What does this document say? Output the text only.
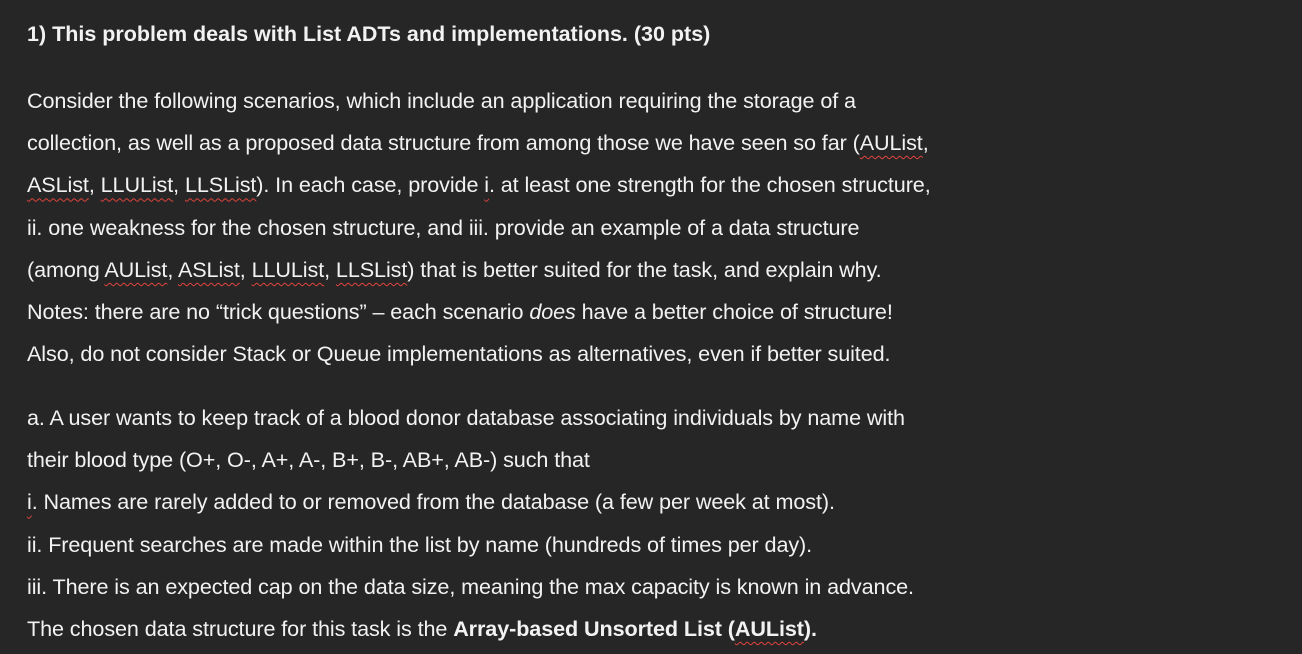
1) This problem deals with List ADTs and implementations. (30 pts)
Consider the following scenarios, which include an application requiring the storage of a
collection, as well as a proposed data structure from among those we have seen so far (AUList,
ASList, LLUList, LLSList). In each case, provide i. at least one strength for the chosen structure,
ii. one weakness for the chosen structure, and iii. provide an example of a data structure
(among AUList, ASList, LLUList, LLSList) that is better suited for the task, and explain why.
Notes: there are no “trick questions” – each scenario does have a better choice of structure!
Also, do not consider Stack or Queue implementations as alternatives, even if better suited.
a. A user wants to keep track of a blood donor database associating individuals by name with
their blood type (O+, O-, A+, A-, B+, B-, AB+, AB-) such that
i. Names are rarely added to or removed from the database (a few per week at most).
ii. Frequent searches are made within the list by name (hundreds of times per day).
iii. There is an expected cap on the data size, meaning the max capacity is known in advance.
The chosen data structure for this task is the Array-based Unsorted List (AUList).
